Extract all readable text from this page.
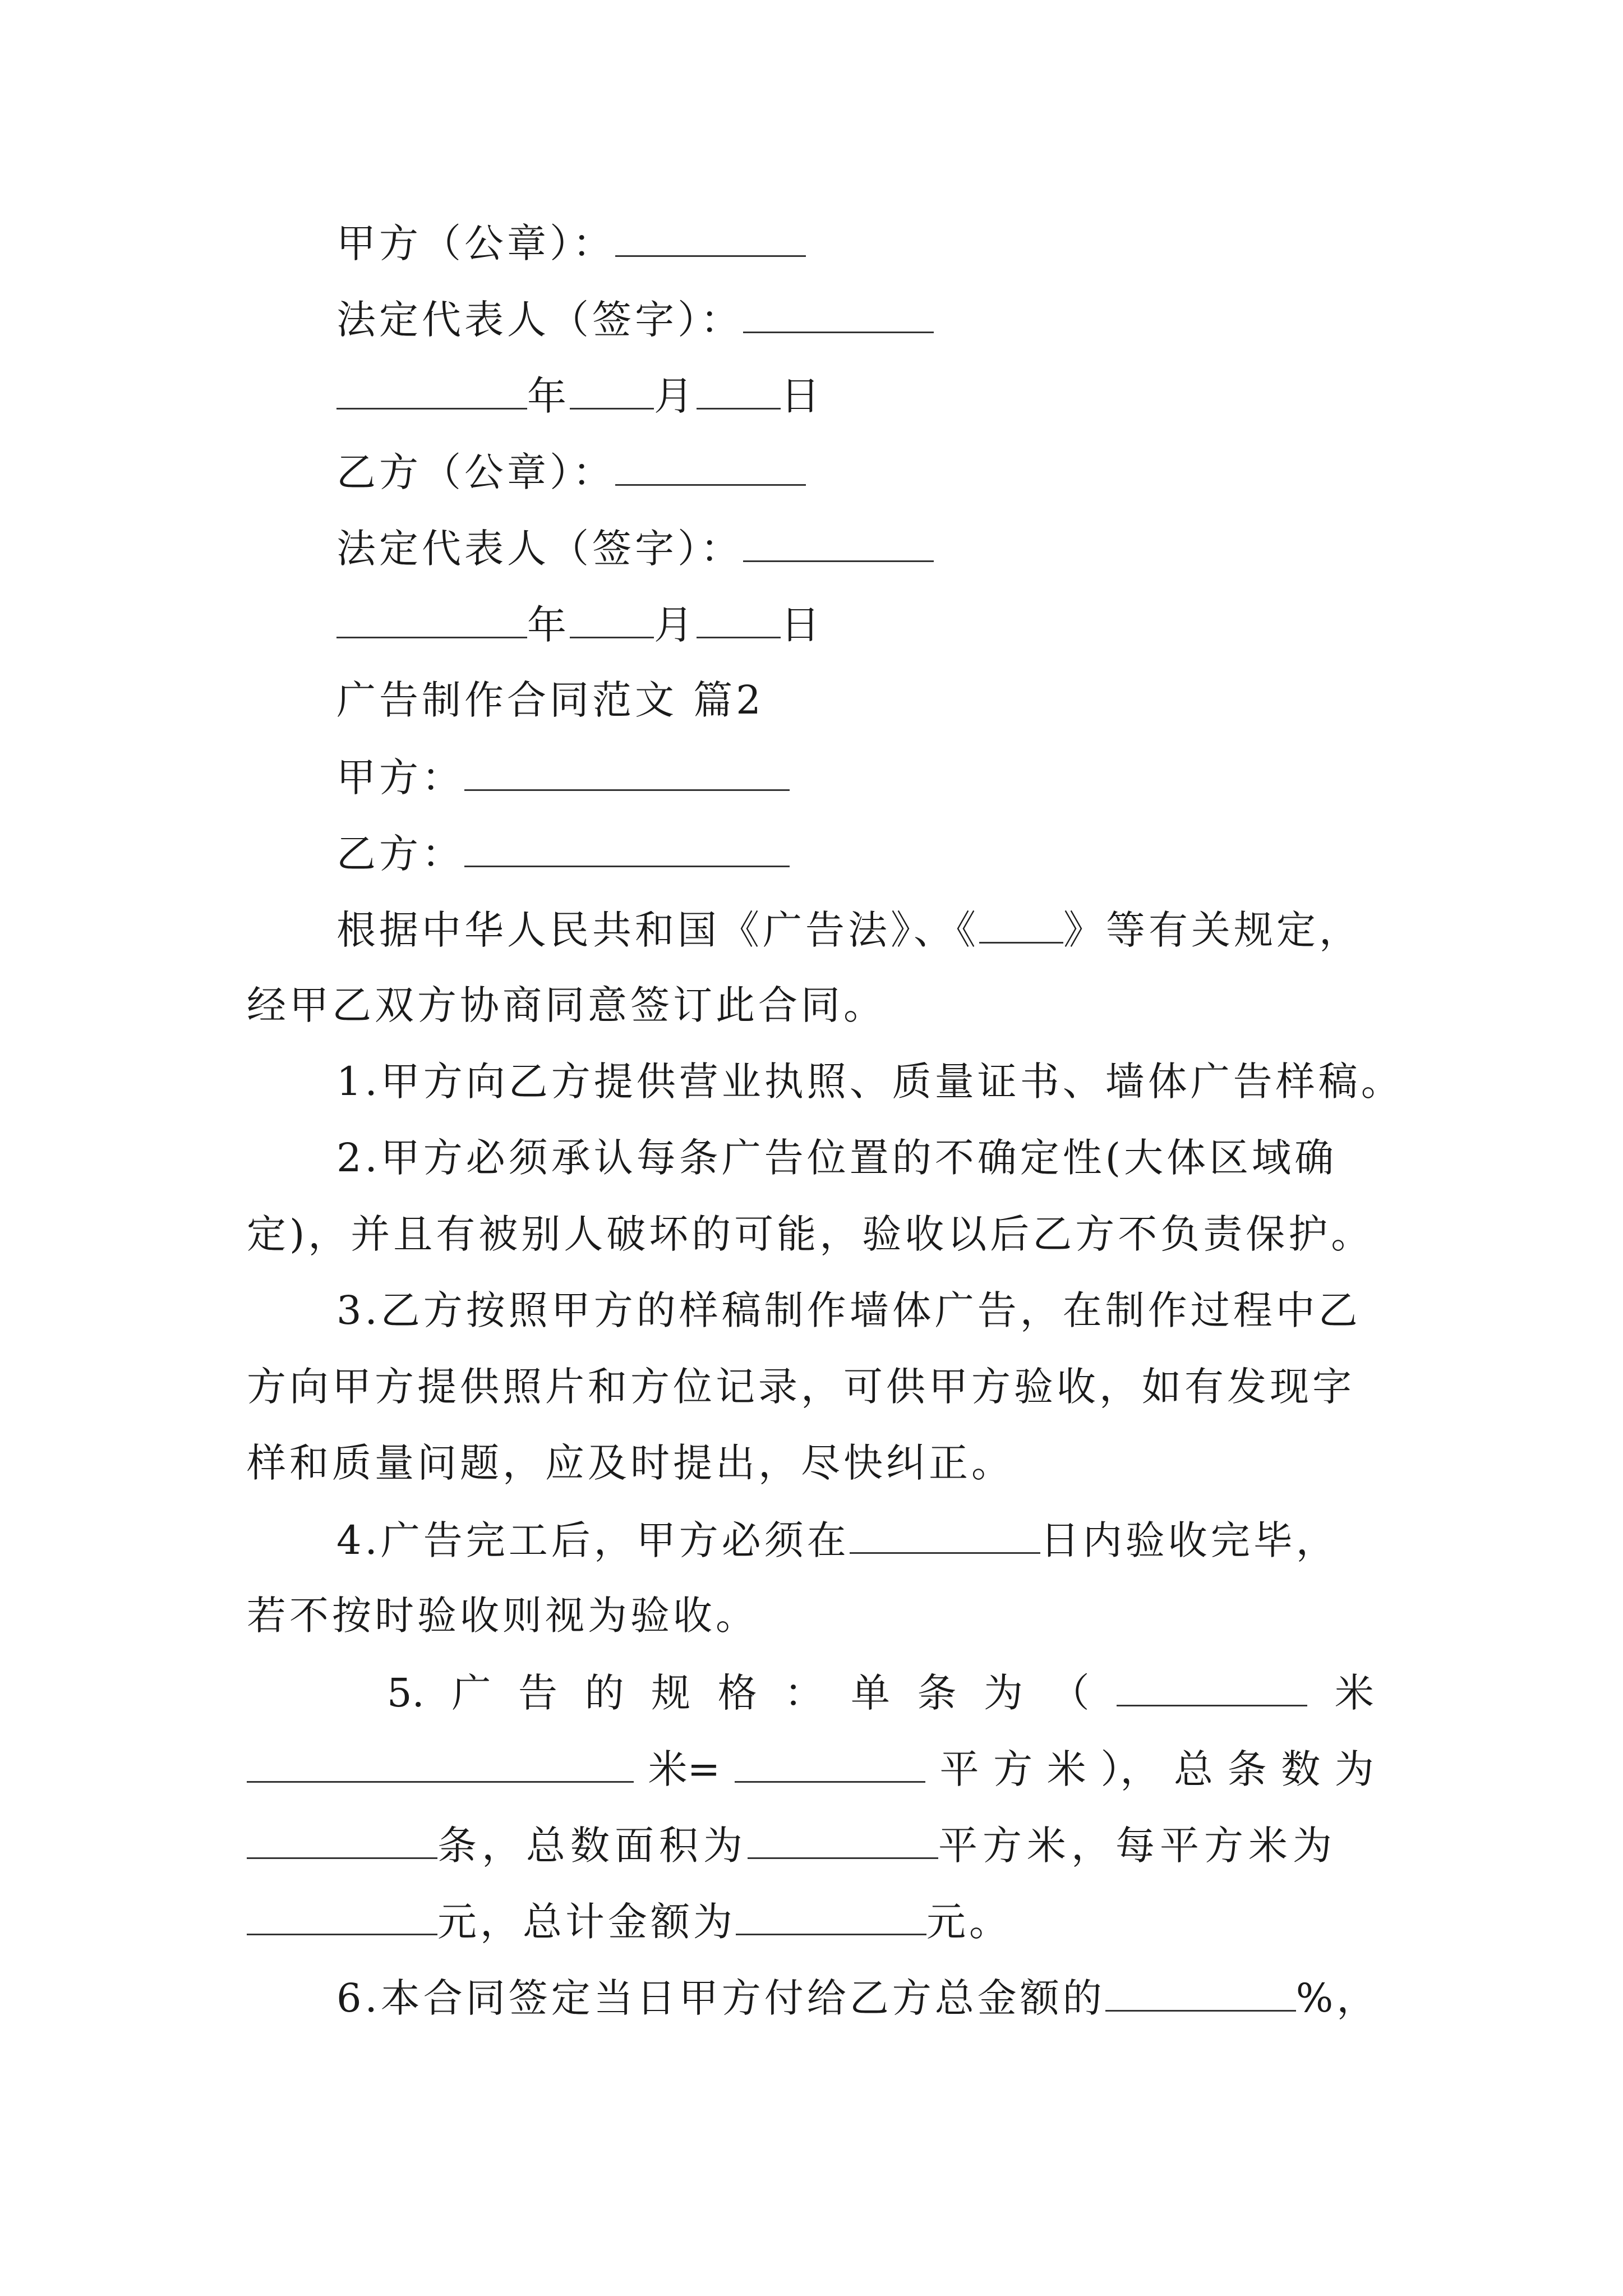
甲方（公章）：
法定代表人（签字）：
年 月 日
乙方（公章）：
法定代表人（签字）：
年 月 日
广告制作合同范文 篇2
甲方：
乙方：
根据中华人民共和国《广告法》、《 》等有关规定，
经甲乙双方协商同意签订此合同。
1.甲方向乙方提供营业执照、质量证书、墙体广告样稿。
2.甲方必须承认每条广告位置的不确定性(大体区域确
定)，并且有被别人破坏的可能，验收以后乙方不负责保护。
3.乙方按照甲方的样稿制作墙体广告，在制作过程中乙
方向甲方提供照片和方位记录，可供甲方验收，如有发现字
样和质量问题，应及时提出，尽快纠正。
4.广告完工后，甲方必须在	日内验收完毕，
若不按时验收则视为验收。
5. 广 告 的 规 格 ： 单 条 为 （	米
米=	平 方 米 ）， 总 条 数 为
条，总数面积为	平方米，每平方米为
元，总计金额为	元。
6.本合同签定当日甲方付给乙方总金额的	%，
